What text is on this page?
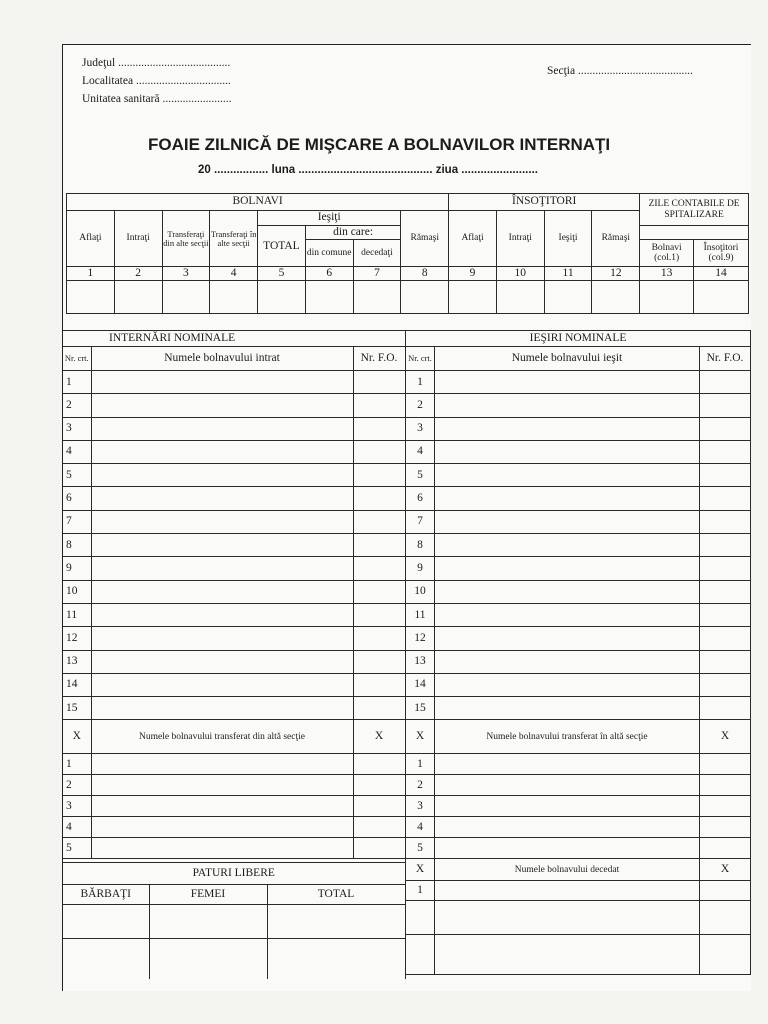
Judeţul .......................................
Localitatea .................................
Unitatea sanitară ........................
Secţia ........................................
FOAIE ZILNICĂ DE MIŞCARE A BOLNAVILOR INTERNAŢI
20 ................. luna .......................................... ziua ........................
BOLNAVI								ÎNSOŢITORI				ZILE CONTABILE DE SPITALIZARE	
Aflaţi	Intraţi	Transferaţi din alte secţii	Transferaţi în alte secţii	Ieşiţi			Rămaşi	Aflaţi	Intraţi	Ieşiţi	Rămaşi		
				TOTAL	din care:								
					din comune	decedaţi						Bolnavi (col.1)	Însoţitori (col.9)
1	2	3	4	5	6	7	8	9	10	11	12	13	14

INTERNĂRI NOMINALE		
Nr. crt.	Numele bolnavului intrat	Nr. F.O.
1		
2		
3		
4		
5		
6		
7		
8		
9		
10		
11		
12		
13		
14		
15		
X	Numele bolnavului transferat din altă secţie	X
1		
2		
3		
4		
5		
IEŞIRI NOMINALE		
Nr. crt.	Numele bolnavului ieşit	Nr. F.O.
1		
2		
3		
4		
5		
6		
7		
8		
9		
10		
11		
12		
13		
14		
15		
X	Numele bolnavului transferat în altă secţie	X
1		
2		
3		
4		
5		
X	Numele bolnavului decedat	X
1		

PATURI LIBERE		
BĂRBAŢI	FEMEI	TOTAL
